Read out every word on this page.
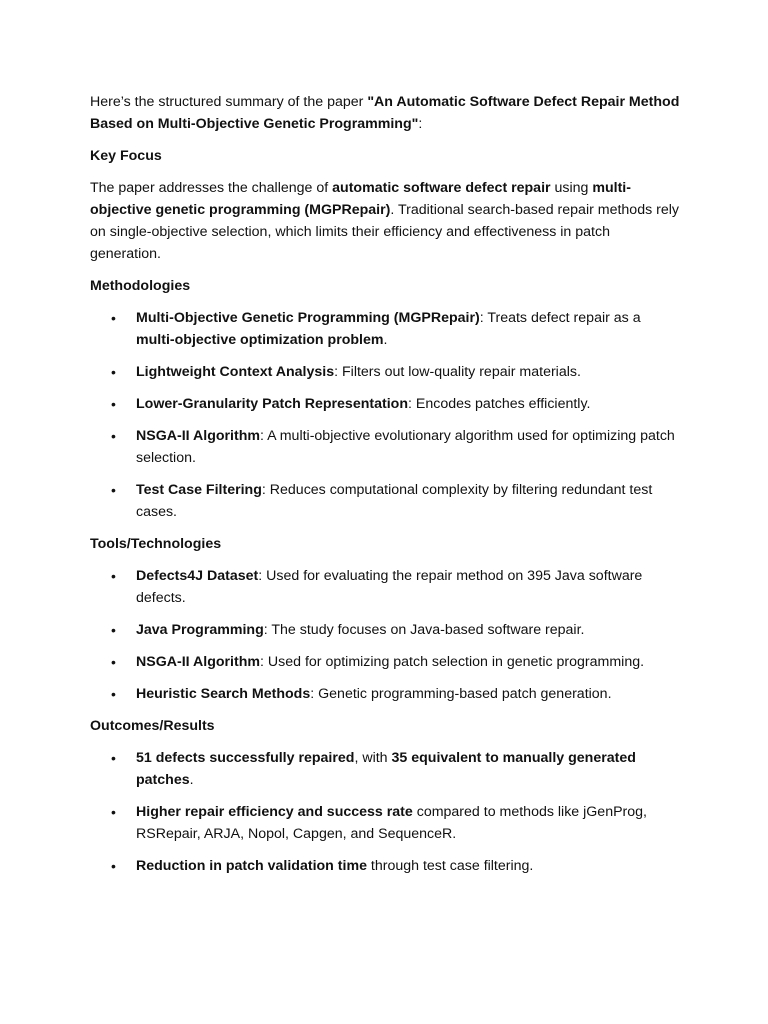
Here’s the structured summary of the paper "An Automatic Software Defect Repair Method Based on Multi-Objective Genetic Programming":

Key Focus

The paper addresses the challenge of automatic software defect repair using multi-objective genetic programming (MGPRepair). Traditional search-based repair methods rely on single-objective selection, which limits their efficiency and effectiveness in patch generation.

Methodologies
• Multi-Objective Genetic Programming (MGPRepair): Treats defect repair as a multi-objective optimization problem.
• Lightweight Context Analysis: Filters out low-quality repair materials.
• Lower-Granularity Patch Representation: Encodes patches efficiently.
• NSGA-II Algorithm: A multi-objective evolutionary algorithm used for optimizing patch selection.
• Test Case Filtering: Reduces computational complexity by filtering redundant test cases.
Tools/Technologies
• Defects4J Dataset: Used for evaluating the repair method on 395 Java software defects.
• Java Programming: The study focuses on Java-based software repair.
• NSGA-II Algorithm: Used for optimizing patch selection in genetic programming.
• Heuristic Search Methods: Genetic programming-based patch generation.
Outcomes/Results
• 51 defects successfully repaired, with 35 equivalent to manually generated patches.
• Higher repair efficiency and success rate compared to methods like jGenProg, RSRepair, ARJA, Nopol, Capgen, and SequenceR.
• Reduction in patch validation time through test case filtering.
